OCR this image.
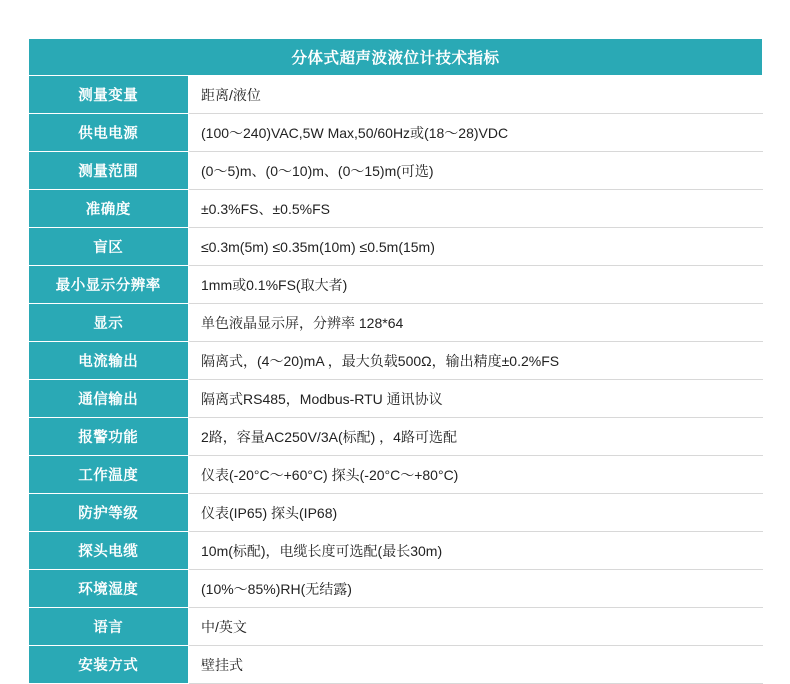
分体式超声波液位计技术指标	
测量变量	距离/液位
供电电源	(100～240)VAC,5W Max,50/60Hz或(18～28)VDC
测量范围	(0～5)m、(0～10)m、(0～15)m(可选)
准确度	±0.3%FS、±0.5%FS
盲区	≤0.3m(5m) ≤0.35m(10m) ≤0.5m(15m)
最小显示分辨率	1mm或0.1%FS(取大者)
显示	单色液晶显示屏，分辨率 128*64
电流输出	隔离式，(4～20)mA ，最大负载500Ω，输出精度±0.2%FS
通信输出	隔离式RS485，Modbus-RTU 通讯协议
报警功能	2路，容量AC250V/3A(标配) ，4路可选配
工作温度	仪表(-20°C～+60°C) 探头(-20°C～+80°C)
防护等级	仪表(IP65) 探头(IP68)
探头电缆	10m(标配)，电缆长度可选配(最长30m)
环境湿度	(10%～85%)RH(无结露)
语言	中/英文
安装方式	壁挂式
